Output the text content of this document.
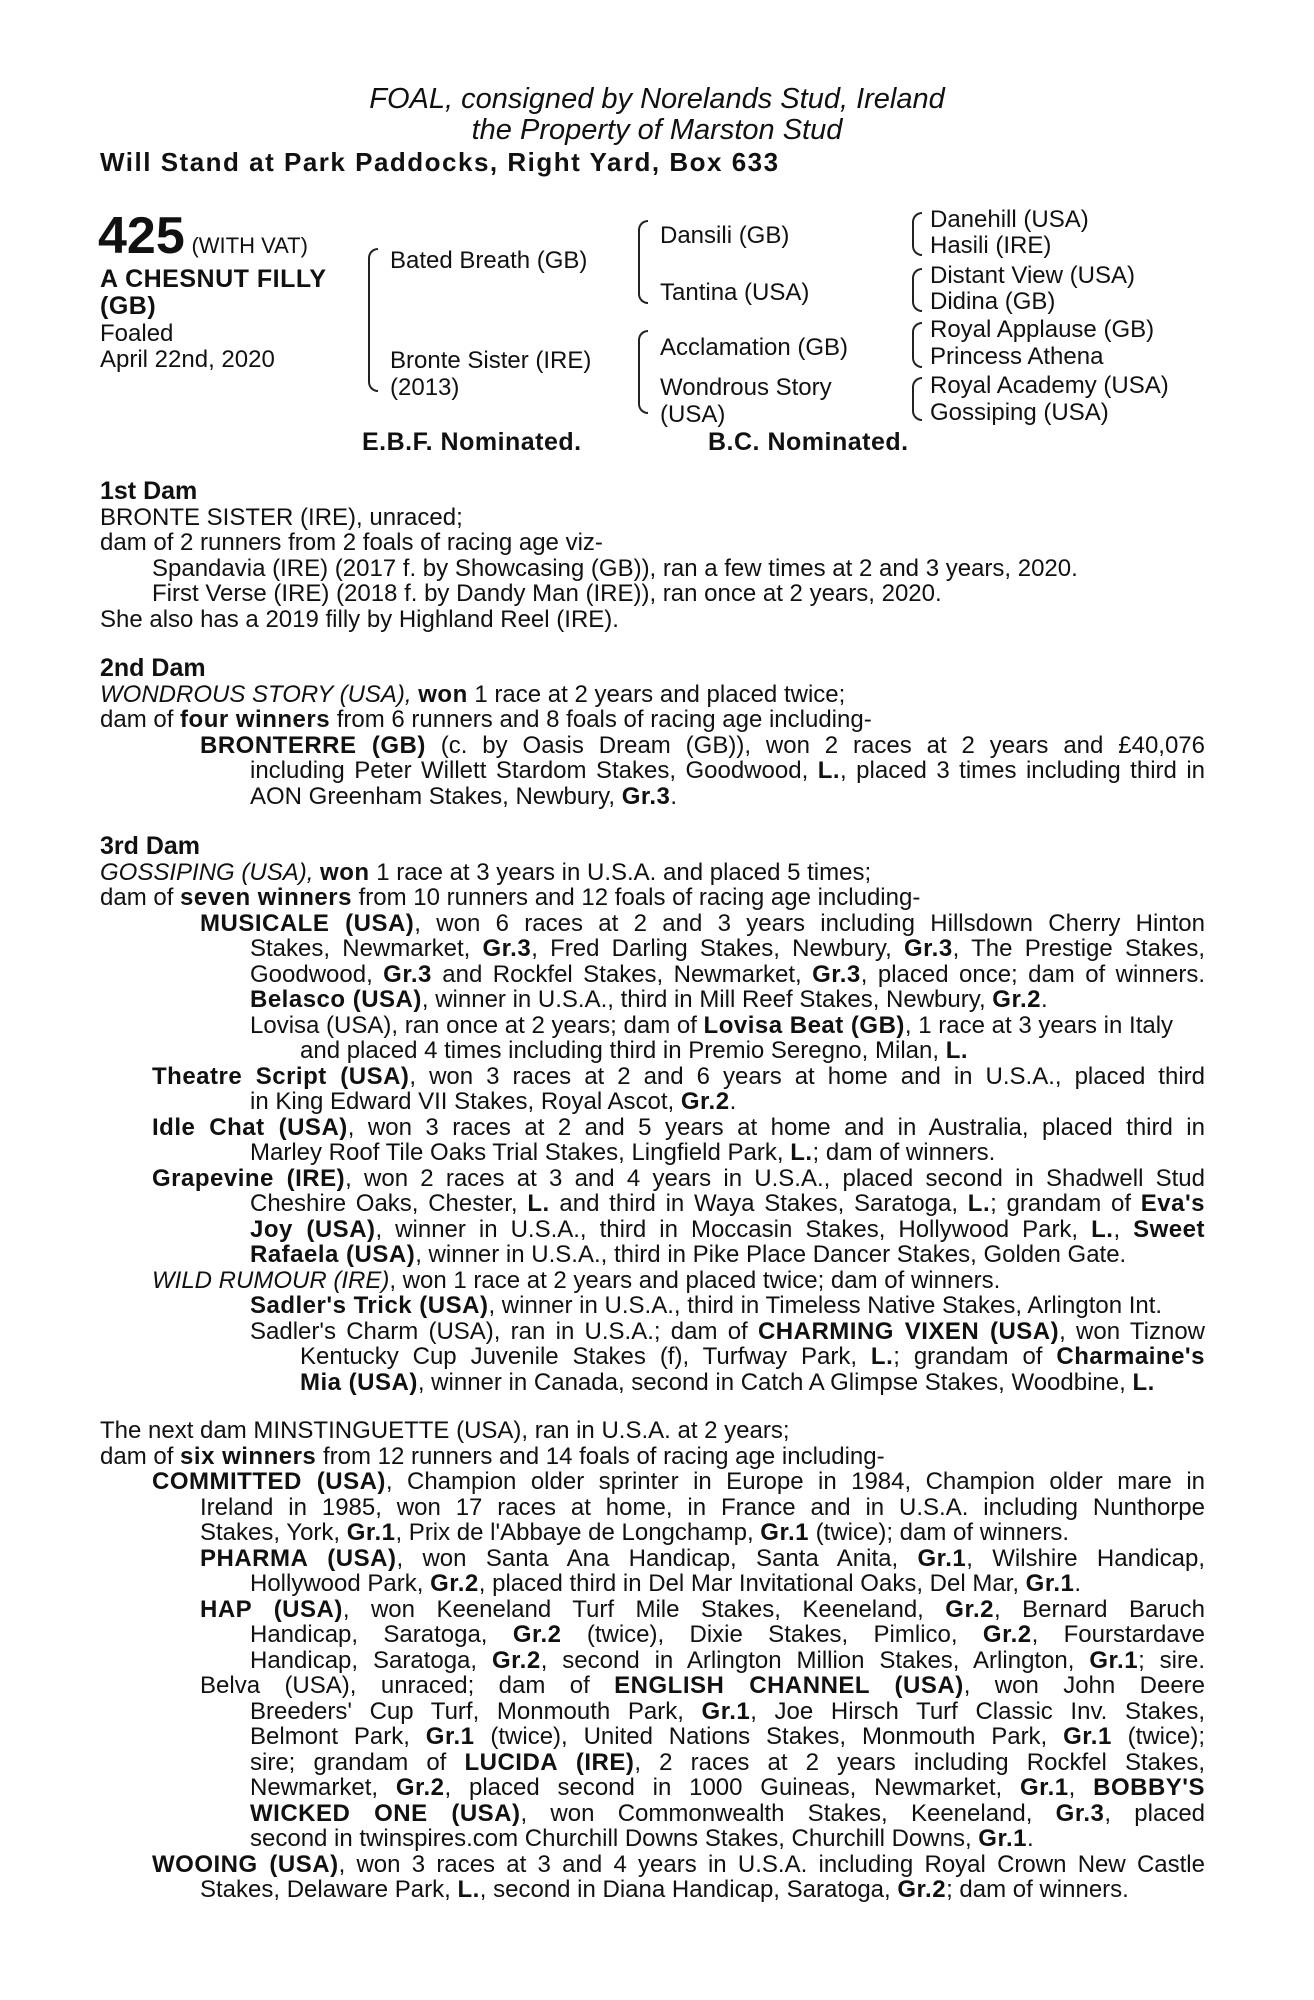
FOAL, consigned by Norelands Stud, Ireland
the Property of Marston Stud
Will Stand at Park Paddocks, Right Yard, Box 633
425 (WITH VAT)
A CHESNUT FILLY
(GB)
Foaled
April 22nd, 2020
Bated Breath (GB)
Bronte Sister (IRE)
(2013)
Dansili (GB)
Tantina (USA)
Acclamation (GB)
Wondrous Story
(USA)
Danehill (USA)
Hasili (IRE)
Distant View (USA)
Didina (GB)
Royal Applause (GB)
Princess Athena
Royal Academy (USA)
Gossiping (USA)
E.B.F. Nominated.	B.C. Nominated.
1st Dam
BRONTE SISTER (IRE), unraced;
dam of 2 runners from 2 foals of racing age viz-
Spandavia (IRE) (2017 f. by Showcasing (GB)), ran a few times at 2 and 3 years, 2020.
First Verse (IRE) (2018 f. by Dandy Man (IRE)), ran once at 2 years, 2020.
She also has a 2019 filly by Highland Reel (IRE).
2nd Dam
WONDROUS STORY (USA), won 1 race at 2 years and placed twice;
dam of four winners from 6 runners and 8 foals of racing age including-
BRONTERRE (GB) (c. by Oasis Dream (GB)), won 2 races at 2 years and £40,076
including Peter Willett Stardom Stakes, Goodwood, L., placed 3 times including third in
AON Greenham Stakes, Newbury, Gr.3.
3rd Dam
GOSSIPING (USA), won 1 race at 3 years in U.S.A. and placed 5 times;
dam of seven winners from 10 runners and 12 foals of racing age including-
MUSICALE (USA), won 6 races at 2 and 3 years including Hillsdown Cherry Hinton
Stakes, Newmarket, Gr.3, Fred Darling Stakes, Newbury, Gr.3, The Prestige Stakes,
Goodwood, Gr.3 and Rockfel Stakes, Newmarket, Gr.3, placed once; dam of winners.
Belasco (USA), winner in U.S.A., third in Mill Reef Stakes, Newbury, Gr.2.
Lovisa (USA), ran once at 2 years; dam of Lovisa Beat (GB), 1 race at 3 years in Italy
and placed 4 times including third in Premio Seregno, Milan, L.
Theatre Script (USA), won 3 races at 2 and 6 years at home and in U.S.A., placed third
in King Edward VII Stakes, Royal Ascot, Gr.2.
Idle Chat (USA), won 3 races at 2 and 5 years at home and in Australia, placed third in
Marley Roof Tile Oaks Trial Stakes, Lingfield Park, L.; dam of winners.
Grapevine (IRE), won 2 races at 3 and 4 years in U.S.A., placed second in Shadwell Stud
Cheshire Oaks, Chester, L. and third in Waya Stakes, Saratoga, L.; grandam of Eva's
Joy (USA), winner in U.S.A., third in Moccasin Stakes, Hollywood Park, L., Sweet
Rafaela (USA), winner in U.S.A., third in Pike Place Dancer Stakes, Golden Gate.
WILD RUMOUR (IRE), won 1 race at 2 years and placed twice; dam of winners.
Sadler's Trick (USA), winner in U.S.A., third in Timeless Native Stakes, Arlington Int.
Sadler's Charm (USA), ran in U.S.A.; dam of CHARMING VIXEN (USA), won Tiznow
Kentucky Cup Juvenile Stakes (f), Turfway Park, L.; grandam of Charmaine's
Mia (USA), winner in Canada, second in Catch A Glimpse Stakes, Woodbine, L.
The next dam MINSTINGUETTE (USA), ran in U.S.A. at 2 years;
dam of six winners from 12 runners and 14 foals of racing age including-
COMMITTED (USA), Champion older sprinter in Europe in 1984, Champion older mare in
Ireland in 1985, won 17 races at home, in France and in U.S.A. including Nunthorpe
Stakes, York, Gr.1, Prix de l'Abbaye de Longchamp, Gr.1 (twice); dam of winners.
PHARMA (USA), won Santa Ana Handicap, Santa Anita, Gr.1, Wilshire Handicap,
Hollywood Park, Gr.2, placed third in Del Mar Invitational Oaks, Del Mar, Gr.1.
HAP (USA), won Keeneland Turf Mile Stakes, Keeneland, Gr.2, Bernard Baruch
Handicap, Saratoga, Gr.2 (twice), Dixie Stakes, Pimlico, Gr.2, Fourstardave
Handicap, Saratoga, Gr.2, second in Arlington Million Stakes, Arlington, Gr.1; sire.
Belva (USA), unraced; dam of ENGLISH CHANNEL (USA), won John Deere
Breeders' Cup Turf, Monmouth Park, Gr.1, Joe Hirsch Turf Classic Inv. Stakes,
Belmont Park, Gr.1 (twice), United Nations Stakes, Monmouth Park, Gr.1 (twice);
sire; grandam of LUCIDA (IRE), 2 races at 2 years including Rockfel Stakes,
Newmarket, Gr.2, placed second in 1000 Guineas, Newmarket, Gr.1, BOBBY'S
WICKED ONE (USA), won Commonwealth Stakes, Keeneland, Gr.3, placed
second in twinspires.com Churchill Downs Stakes, Churchill Downs, Gr.1.
WOOING (USA), won 3 races at 3 and 4 years in U.S.A. including Royal Crown New Castle
Stakes, Delaware Park, L., second in Diana Handicap, Saratoga, Gr.2; dam of winners.
